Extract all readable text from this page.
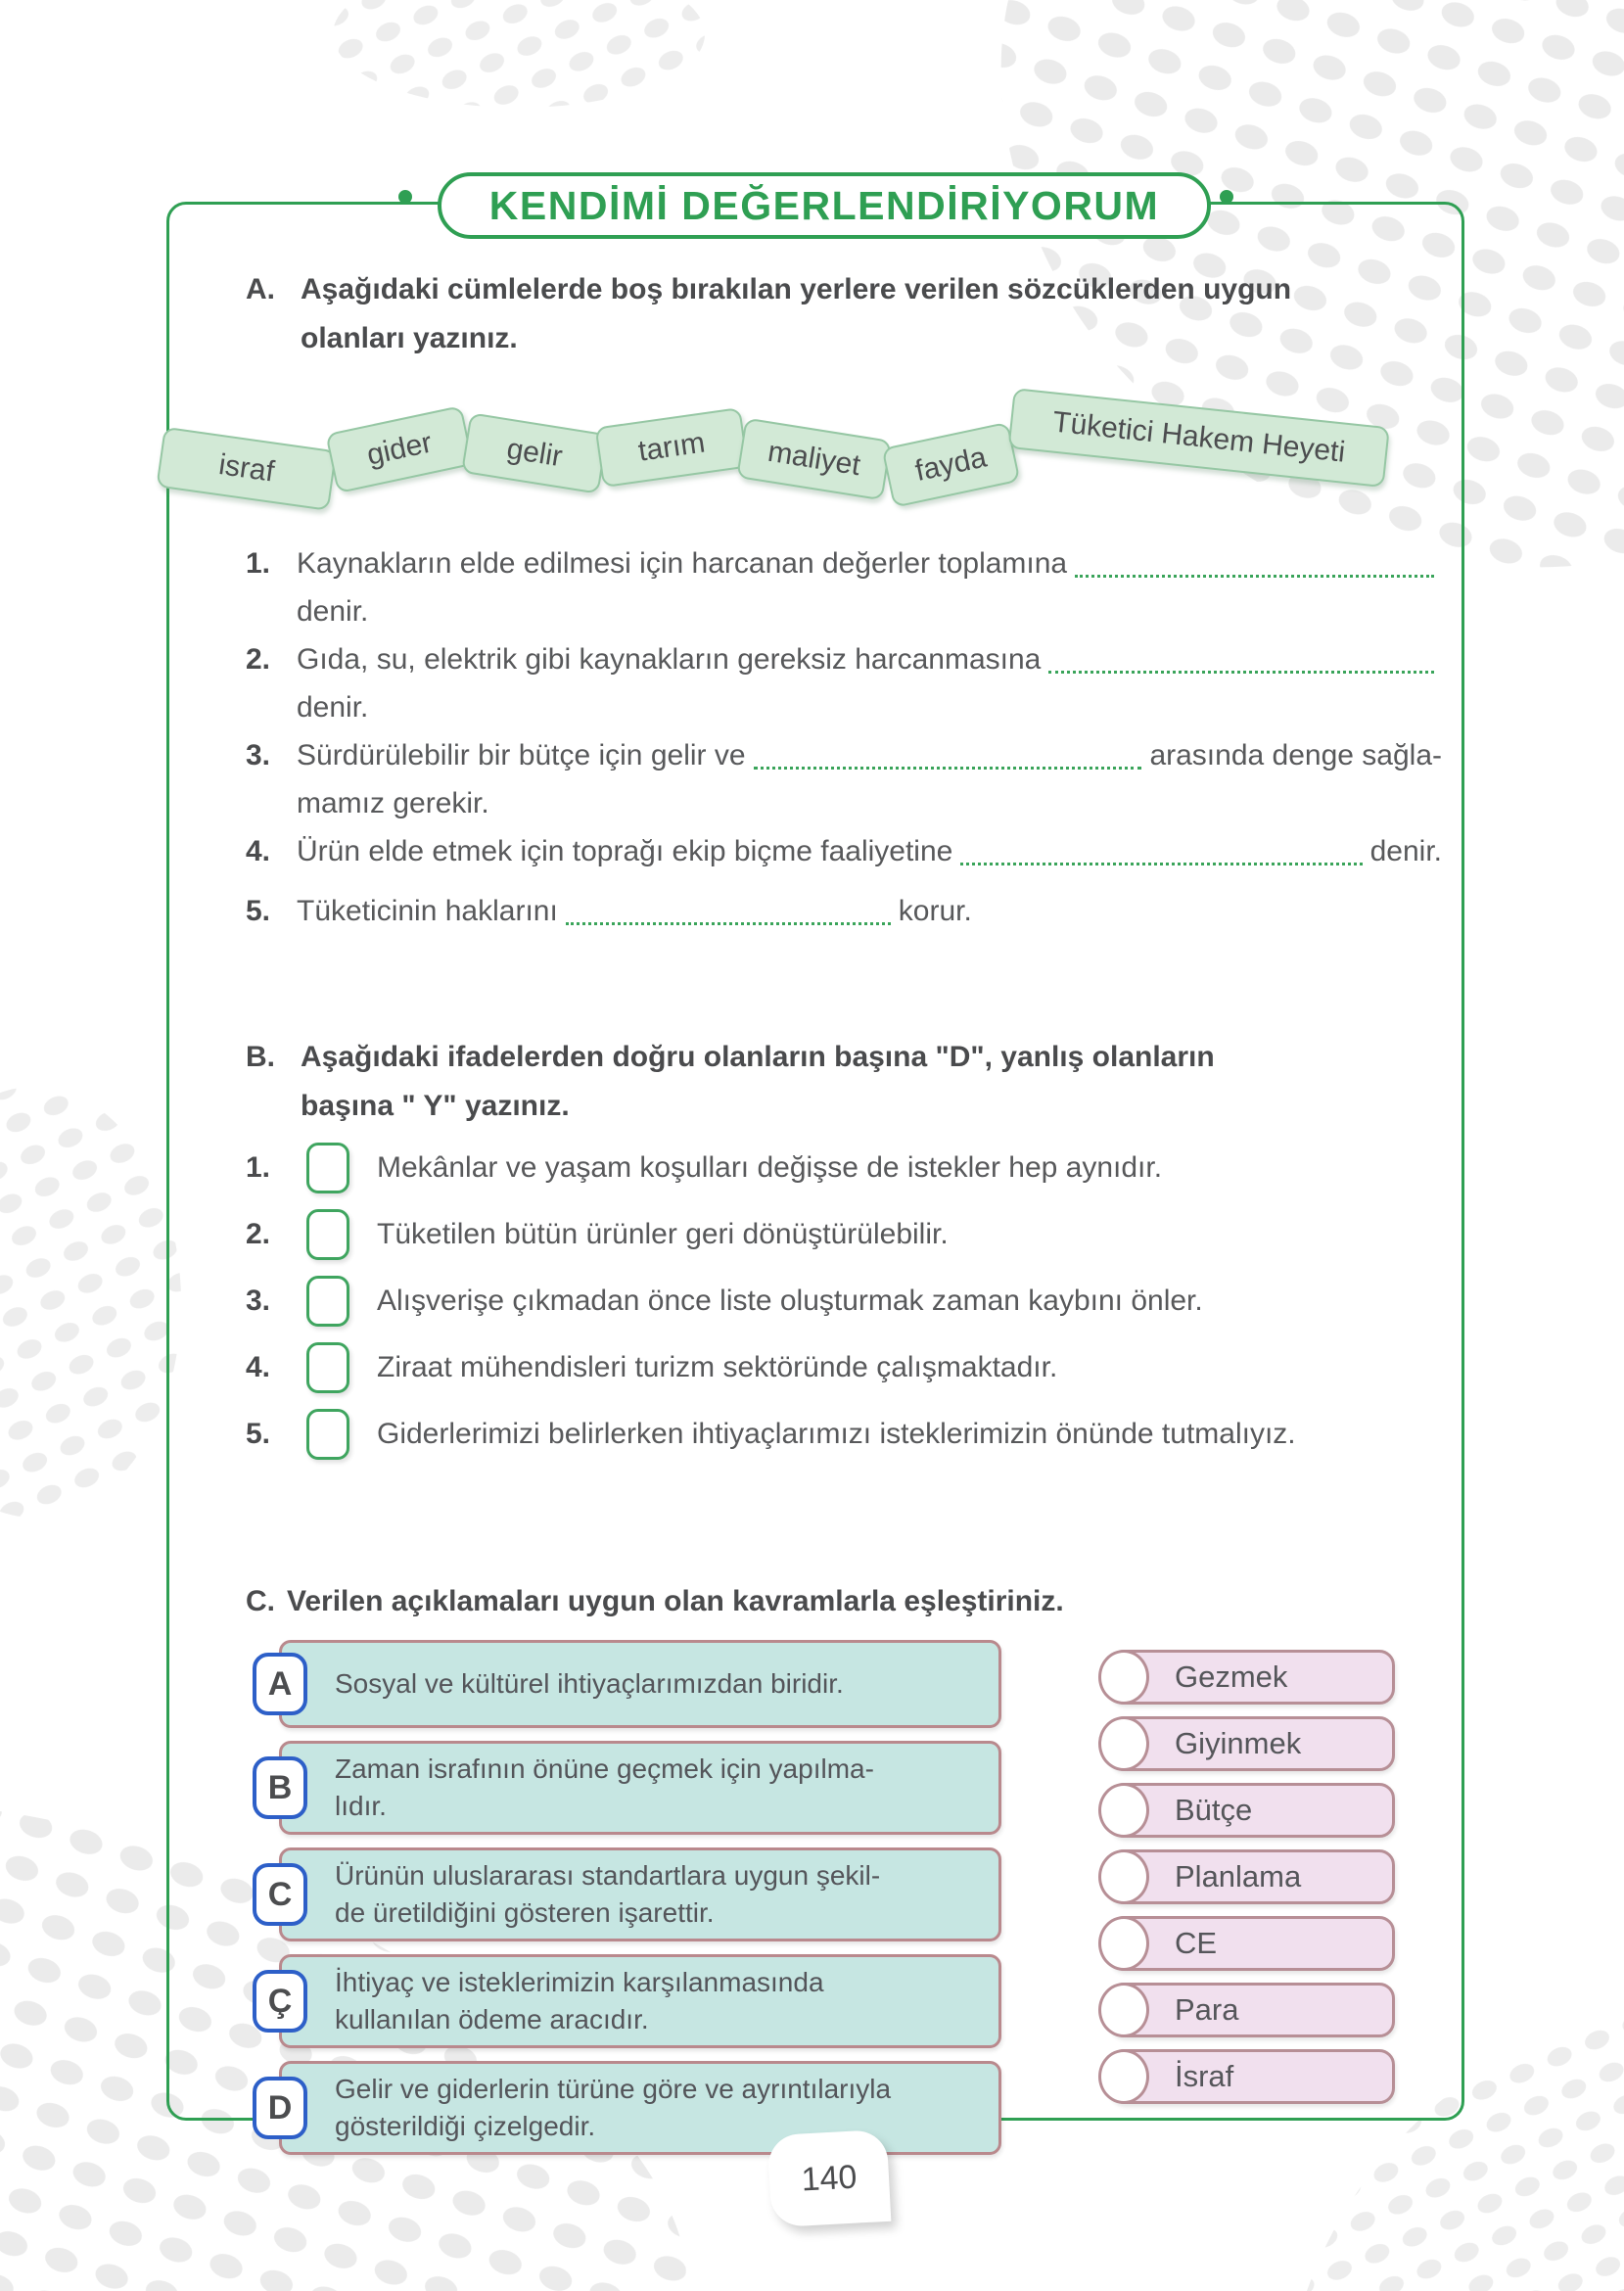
KENDİMİ DEĞERLENDİRİYORUM
A. Aşağıdaki cümlelerde boş bırakılan yerlere verilen sözcüklerden uygun
olanları yazınız.
israf	gider	gelir	tarım	maliyet	fayda	Tüketici Hakem Heyeti
1. Kaynakların elde edilmesi için harcanan değerler toplamına
denir.
2. Gıda, su, elektrik gibi kaynakların gereksiz harcanmasına
denir.
3. Sürdürülebilir bir bütçe için gelir ve	arasında denge sağla-
mamız gerekir.
4. Ürün elde etmek için toprağı ekip biçme faaliyetine	denir.
5. Tüketicinin haklarını	korur.
B. Aşağıdaki ifadelerden doğru olanların başına "D", yanlış olanların
başına " Y" yazınız.
1.	Mekânlar ve yaşam koşulları değişse de istekler hep aynıdır.
2.	Tüketilen bütün ürünler geri dönüştürülebilir.
3.	Alışverişe çıkmadan önce liste oluşturmak zaman kaybını önler.
4.	Ziraat mühendisleri turizm sektöründe çalışmaktadır.
5.	Giderlerimizi belirlerken ihtiyaçlarımızı isteklerimizin önünde tutmalıyız.
C. Verilen açıklamaları uygun olan kavramlarla eşleştiriniz.
A	Sosyal ve kültürel ihtiyaçlarımızdan biridir.
B
Zaman israfının önüne geçmek için yapılma-
lıdır.
C
Ürünün uluslararası standartlara uygun şekil-
de üretildiğini gösteren işarettir.
Ç
İhtiyaç ve isteklerimizin karşılanmasında
kullanılan ödeme aracıdır.
D
Gelir ve giderlerin türüne göre ve ayrıntılarıyla
gösterildiği çizelgedir.
Gezmek
Giyinmek
Bütçe
Planlama
CE
Para
İsraf
140
